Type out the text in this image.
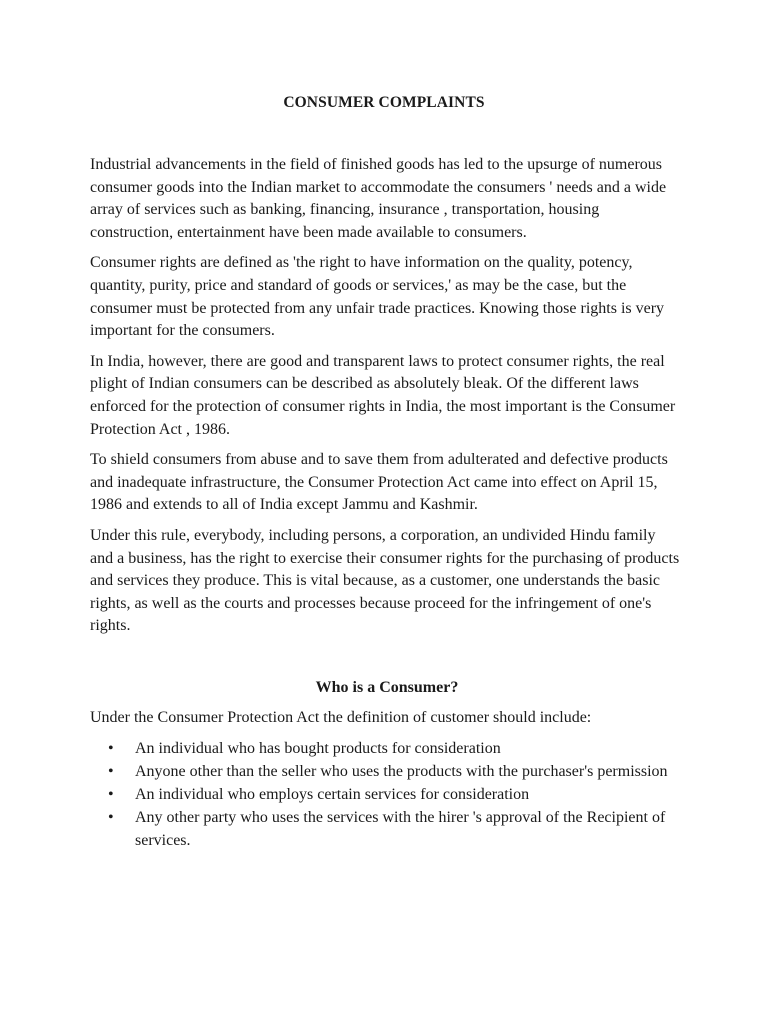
CONSUMER COMPLAINTS

Industrial advancements in the field of finished goods has led to the upsurge of numerous consumer goods into the Indian market to accommodate the consumers ' needs and a wide array of services such as banking, financing, insurance , transportation, housing construction, entertainment have been made available to consumers.

Consumer rights are defined as 'the right to have information on the quality, potency, quantity, purity, price and standard of goods or services,' as may be the case, but the consumer must be protected from any unfair trade practices. Knowing those rights is very important for the consumers.

In India, however, there are good and transparent laws to protect consumer rights, the real plight of Indian consumers can be described as absolutely bleak. Of the different laws enforced for the protection of consumer rights in India, the most important is the Consumer Protection Act , 1986.

To shield consumers from abuse and to save them from adulterated and defective products and inadequate infrastructure, the Consumer Protection Act came into effect on April 15, 1986 and extends to all of India except Jammu and Kashmir.

Under this rule, everybody, including persons, a corporation, an undivided Hindu family and a business, has the right to exercise their consumer rights for the purchasing of products and services they produce. This is vital because, as a customer, one understands the basic rights, as well as the courts and processes because proceed for the infringement of one's rights.

Who is a Consumer?

Under the Consumer Protection Act the definition of customer should include:

• An individual who has bought products for consideration
• Anyone other than the seller who uses the products with the purchaser's permission
• An individual who employs certain services for consideration
• Any other party who uses the services with the hirer 's approval of the Recipient of services.
